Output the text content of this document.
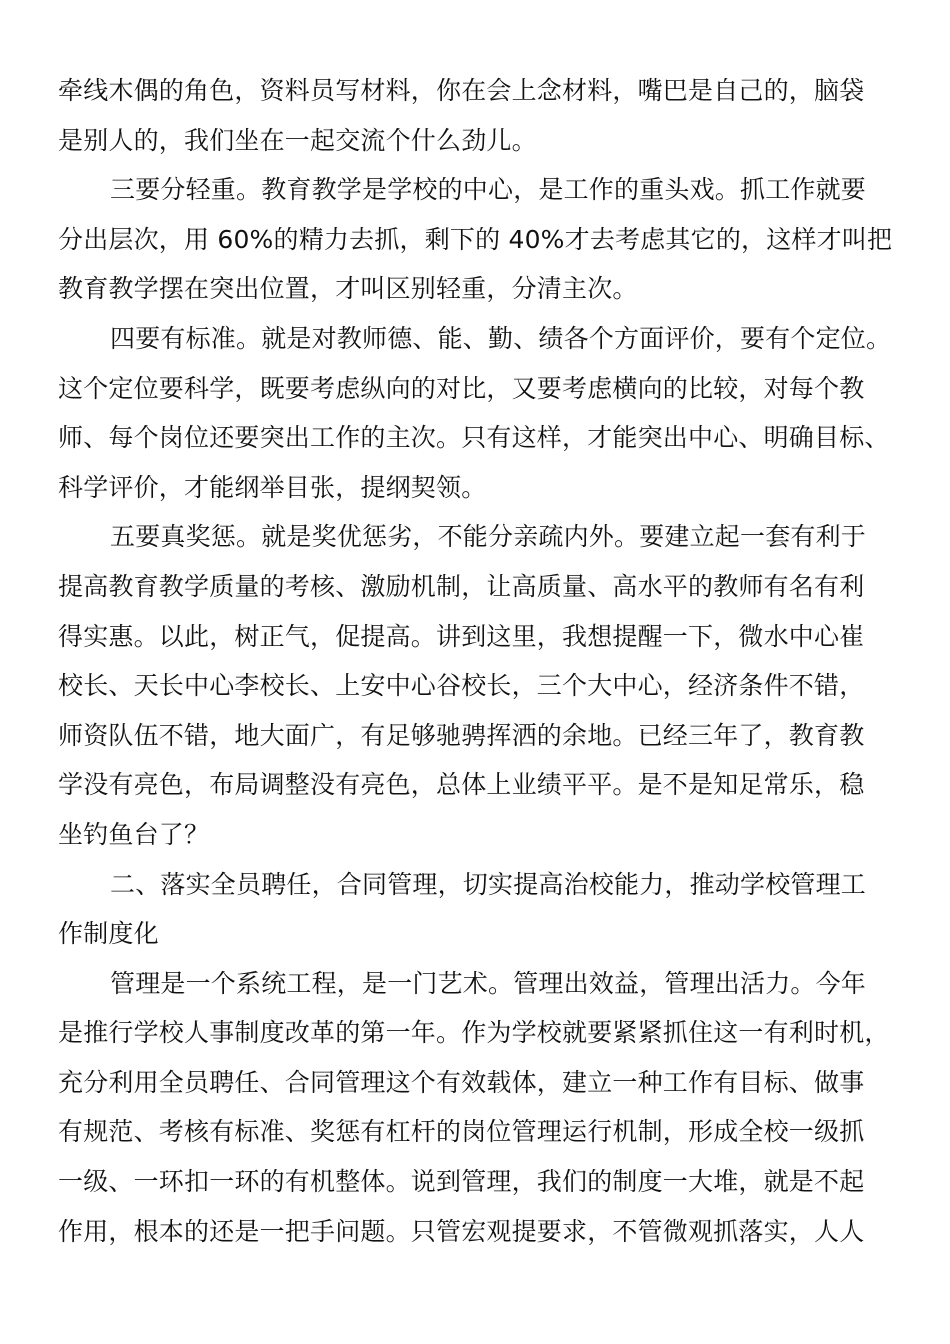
牵线木偶的角色，资料员写材料，你在会上念材料，嘴巴是自己的，脑袋
是别人的，我们坐在一起交流个什么劲儿。
三要分轻重。教育教学是学校的中心，是工作的重头戏。抓工作就要
分出层次，用 60%的精力去抓，剩下的 40%才去考虑其它的，这样才叫把
教育教学摆在突出位置，才叫区别轻重，分清主次。
四要有标准。就是对教师德、能、勤、绩各个方面评价，要有个定位。
这个定位要科学，既要考虑纵向的对比，又要考虑横向的比较，对每个教
师、每个岗位还要突出工作的主次。只有这样，才能突出中心、明确目标、
科学评价，才能纲举目张，提纲契领。
五要真奖惩。就是奖优惩劣，不能分亲疏内外。要建立起一套有利于
提高教育教学质量的考核、激励机制，让高质量、高水平的教师有名有利
得实惠。以此，树正气，促提高。讲到这里，我想提醒一下，微水中心崔
校长、天长中心李校长、上安中心谷校长，三个大中心，经济条件不错，
师资队伍不错，地大面广，有足够驰骋挥洒的余地。已经三年了，教育教
学没有亮色，布局调整没有亮色，总体上业绩平平。是不是知足常乐，稳
坐钓鱼台了？
二、落实全员聘任，合同管理，切实提高治校能力，推动学校管理工
作制度化
管理是一个系统工程，是一门艺术。管理出效益，管理出活力。今年
是推行学校人事制度改革的第一年。作为学校就要紧紧抓住这一有利时机，
充分利用全员聘任、合同管理这个有效载体，建立一种工作有目标、做事
有规范、考核有标准、奖惩有杠杆的岗位管理运行机制，形成全校一级抓
一级、一环扣一环的有机整体。说到管理，我们的制度一大堆，就是不起
作用，根本的还是一把手问题。只管宏观提要求，不管微观抓落实，人人
